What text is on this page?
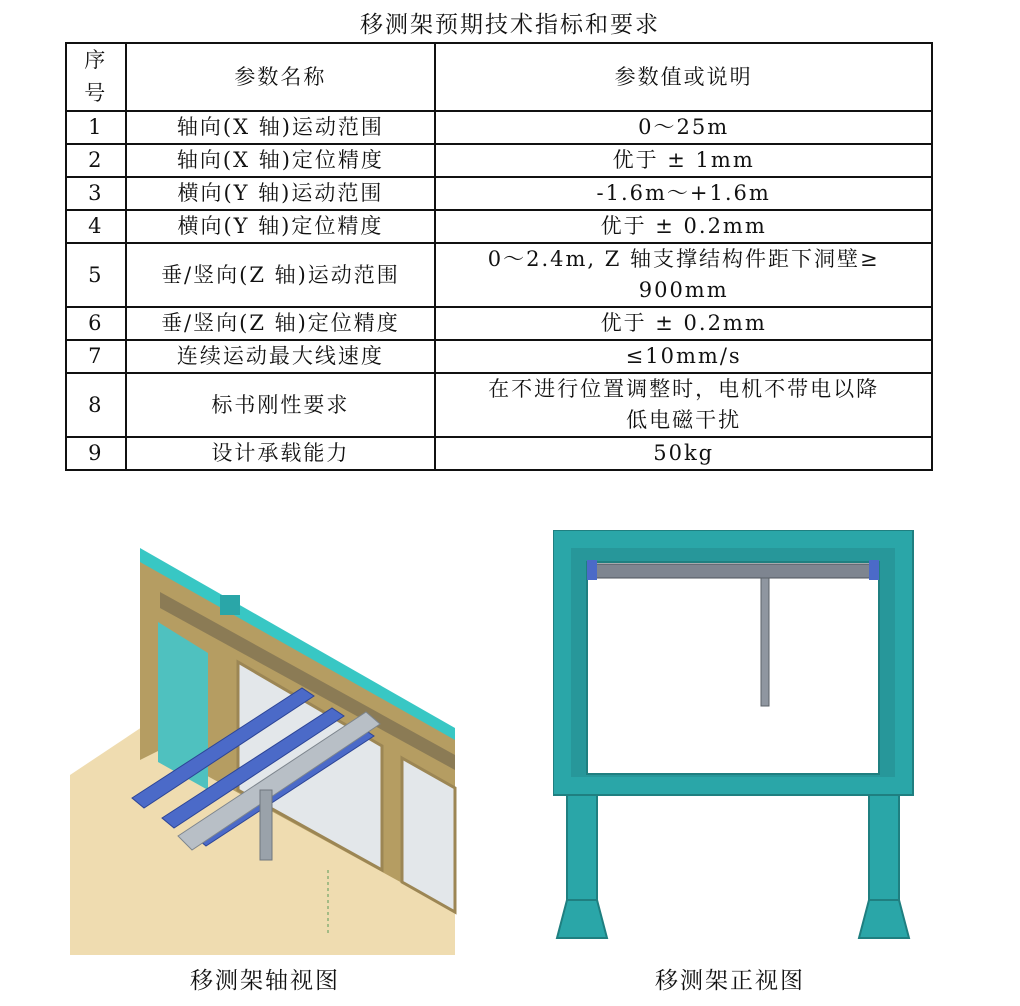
移测架预期技术指标和要求
序
号	参数名称	参数值或说明
1	轴向(X 轴)运动范围	0～25m
2	轴向(X 轴)定位精度	优于 ± 1mm
3	横向(Y 轴)运动范围	-1.6m～+1.6m
4	横向(Y 轴)定位精度	优于 ± 0.2mm
5	垂/竖向(Z 轴)运动范围	0～2.4m, Z 轴支撑结构件距下洞壁≥
900mm
6	垂/竖向(Z 轴)定位精度	优于 ± 0.2mm
7	连续运动最大线速度	≤10mm/s
8	标书刚性要求	在不进行位置调整时，电机不带电以降
低电磁干扰
9	设计承载能力	50kg
移测架轴视图	移测架正视图
